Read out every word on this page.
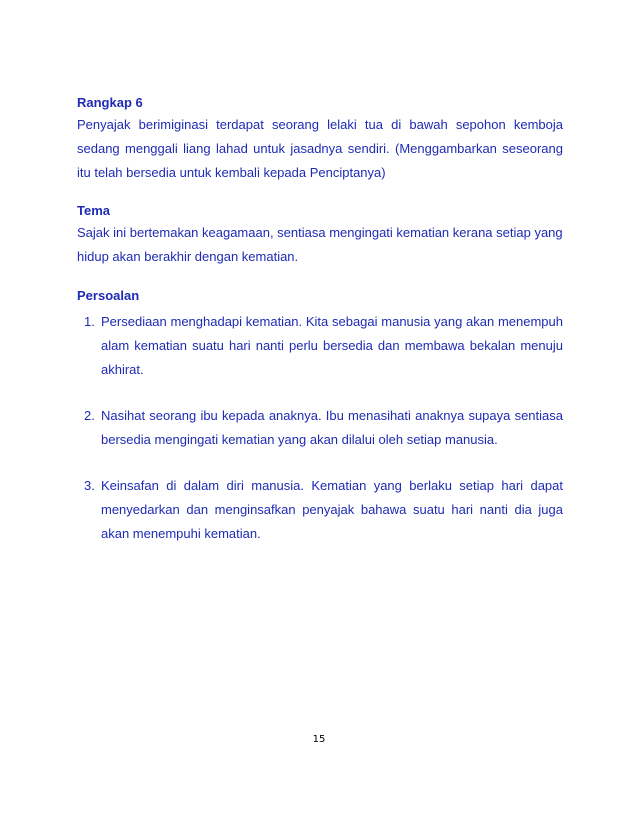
Rangkap 6

Penyajak berimiginasi terdapat seorang lelaki tua di bawah sepohon kemboja sedang menggali liang lahad untuk jasadnya sendiri. (Menggambarkan seseorang itu telah bersedia untuk kembali kepada Penciptanya)

Tema

Sajak ini bertemakan keagamaan, sentiasa mengingati kematian kerana setiap yang
hidup akan berakhir dengan kematian.

Persoalan

1. Persediaan menghadapi kematian. Kita sebagai manusia yang akan menempuh alam kematian suatu hari nanti perlu bersedia dan membawa bekalan menuju akhirat.
2. Nasihat seorang ibu kepada anaknya. Ibu menasihati anaknya supaya sentiasa bersedia mengingati kematian yang akan dilalui oleh setiap manusia.
3. Keinsafan di dalam diri manusia. Kematian yang berlaku setiap hari dapat menyedarkan dan menginsafkan penyajak bahawa suatu hari nanti dia juga akan menempuhi kematian.
15
